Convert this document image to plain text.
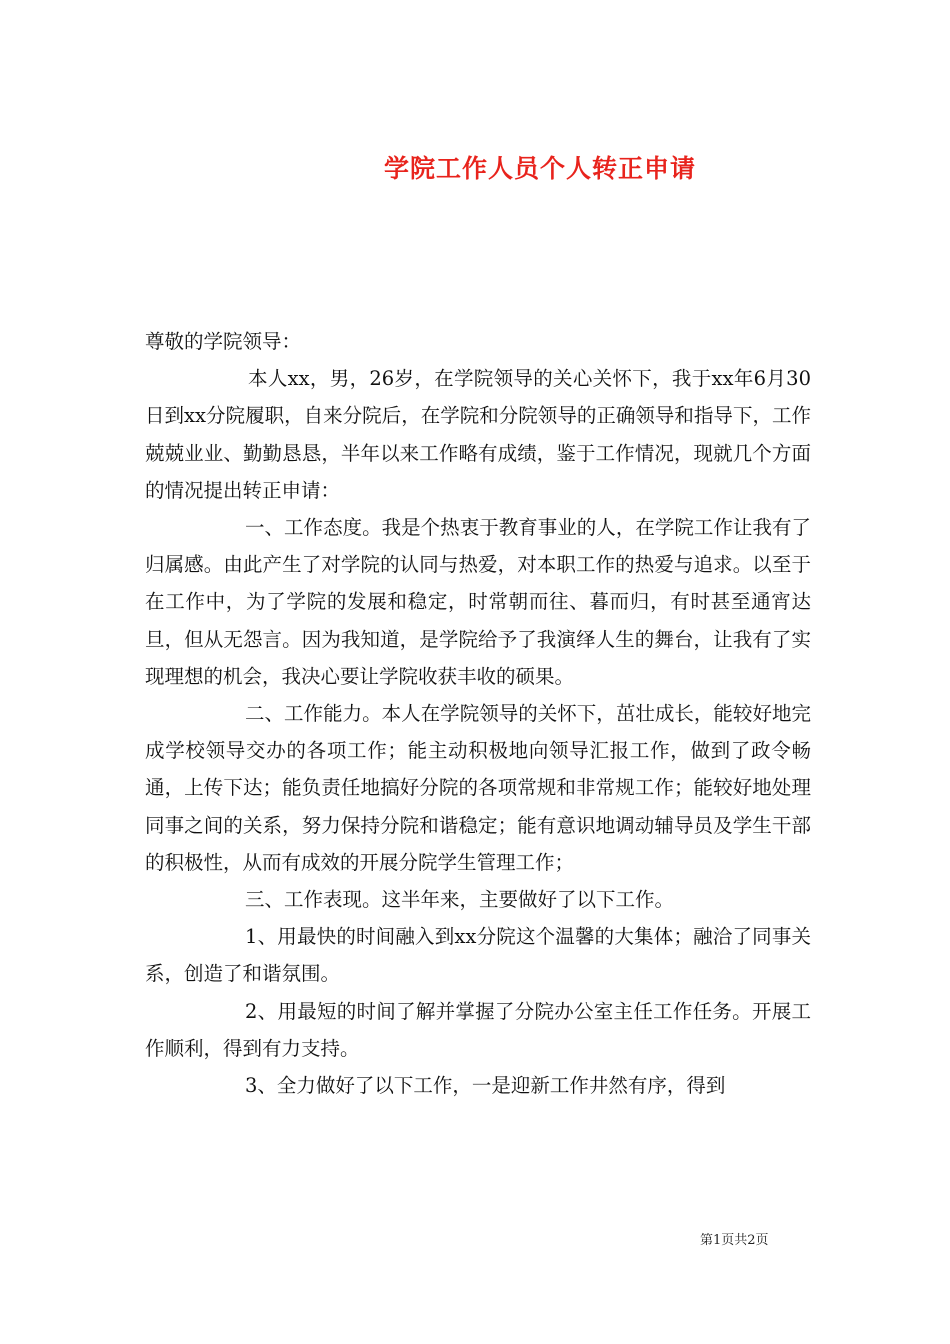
学院工作人员个人转正申请

尊敬的学院领导：

本人xx，男，26岁，在学院领导的关心关怀下，我于xx年6月30日到xx分院履职，自来分院后，在学院和分院领导的正确领导和指导下，工作兢兢业业、勤勤恳恳，半年以来工作略有成绩，鉴于工作情况，现就几个方面的情况提出转正申请：

一、工作态度。我是个热衷于教育事业的人，在学院工作让我有了归属感。由此产生了对学院的认同与热爱，对本职工作的热爱与追求。以至于在工作中，为了学院的发展和稳定，时常朝而往、暮而归，有时甚至通宵达旦，但从无怨言。因为我知道，是学院给予了我演绎人生的舞台，让我有了实现理想的机会，我决心要让学院收获丰收的硕果。

二、工作能力。本人在学院领导的关怀下，茁壮成长，能较好地完成学校领导交办的各项工作；能主动积极地向领导汇报工作，做到了政令畅通，上传下达；能负责任地搞好分院的各项常规和非常规工作；能较好地处理同事之间的关系，努力保持分院和谐稳定；能有意识地调动辅导员及学生干部的积极性，从而有成效的开展分院学生管理工作；

三、工作表现。这半年来，主要做好了以下工作。

1、用最快的时间融入到xx分院这个温馨的大集体；融洽了同事关系，创造了和谐氛围。

2、用最短的时间了解并掌握了分院办公室主任工作任务。开展工作顺利，得到有力支持。

3、全力做好了以下工作，一是迎新工作井然有序，得到

第1页共2页
